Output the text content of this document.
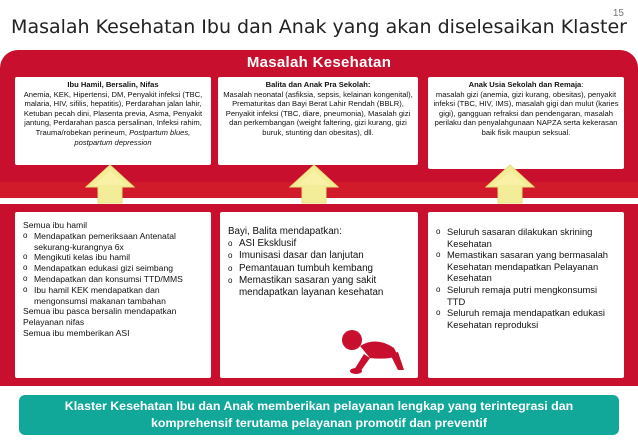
15
Masalah Kesehatan Ibu dan Anak yang akan diselesaikan Klaster
Masalah Kesehatan
Ibu Hamil, Bersalin, Nifas
Anemia, KEK, Hipertensi, DM, Penyakit infeksi (TBC, malaria, HIV, sifilis, hepatitis), Perdarahan jalan lahir, Ketuban pecah dini, Plasenta previa, Asma, Penyakit jantung, Perdarahan pasca persalinan, Infeksi rahim, Trauma/robekan perineum, Postpartum blues, postpartum depression
Balita dan Anak Pra Sekolah:
Masalah neonatal (asfiksia, sepsis, kelainan kongenital), Prematuritas dan Bayi Berat Lahir Rendah (BBLR), Penyakit infeksi (TBC, diare, pneumonia), Masalah gizi dan perkembangan (weight faltering, gizi kurang, gizi buruk, stunting dan obesitas), dll.
Anak Usia Sekolah dan Remaja:
masalah gizi (anemia, gizi kurang, obesitas), penyakit infeksi (TBC, HIV, IMS), masalah gigi dan mulut (karies gigi), gangguan refraksi dan pendengaran, masalah perilaku dan penyalahgunaan NAPZA serta kekerasan baik fisik maupun seksual.
Semua ibu hamil
o Mendapatkan pemeriksaan Antenatal sekurang-kurangnya 6x
o Mengikuti kelas ibu hamil
o Mendapatkan edukasi gizi seimbang
o Mendapatkan dan konsumsi TTD/MMS
o Ibu hamil KEK mendapatkan dan mengonsumsi makanan tambahan
Semua ibu pasca bersalin mendapatkan Pelayanan nifas
Semua ibu memberikan ASI
Bayi, Balita mendapatkan:
o ASI Eksklusif
o Imunisasi dasar dan lanjutan
o Pemantauan tumbuh kembang
o Memastikan sasaran yang sakit mendapatkan layanan kesehatan
o Seluruh sasaran dilakukan skrining Kesehatan
o Memastikan sasaran yang bermasalah Kesehatan mendapatkan Pelayanan Kesehatan
o Seluruh remaja putri mengkonsumsi TTD
o Seluruh remaja mendapatkan edukasi Kesehatan reproduksi
Klaster Kesehatan Ibu dan Anak memberikan pelayanan lengkap yang terintegrasi dan
komprehensif terutama pelayanan promotif dan preventif
